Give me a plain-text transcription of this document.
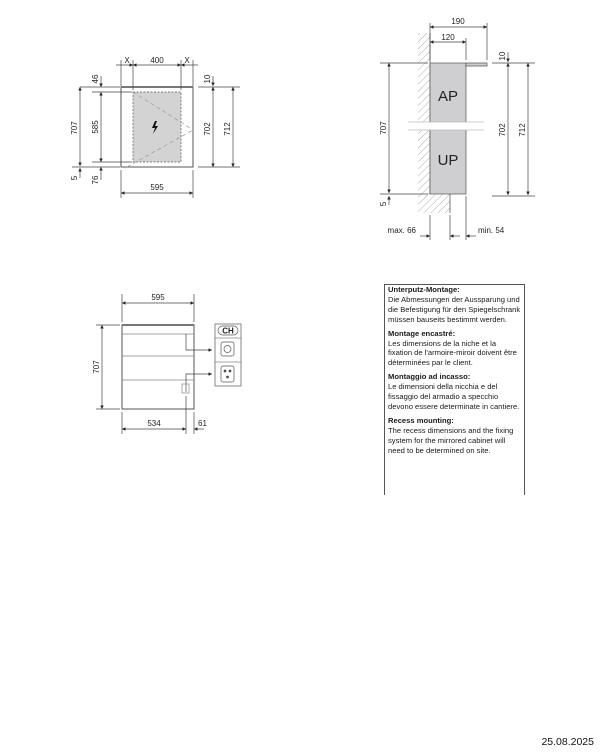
X	400	X
595
707 585
46
76
5
10
702 712
190
120
AP
UP
707
5
10
702 712
max. 66	min. 54
595
707
534	61
CH
Unterputz-Montage:
Die Abmessungen der Aussparung und die Befestigung für den Spiegelschrank müssen bauseits bestimmt werden.
Montage encastré:
Les dimensions de la niche et la fixation de l'armoire-miroir doivent être déterminées par le client.
Montaggio ad incasso:
Le dimensioni della nicchia e del fissaggio del armadio a specchio devono essere determinate in cantiere.
Recess mounting:
The recess dimensions and the fixing system for the mirrored cabinet will need to be determined on site.
25.08.2025
